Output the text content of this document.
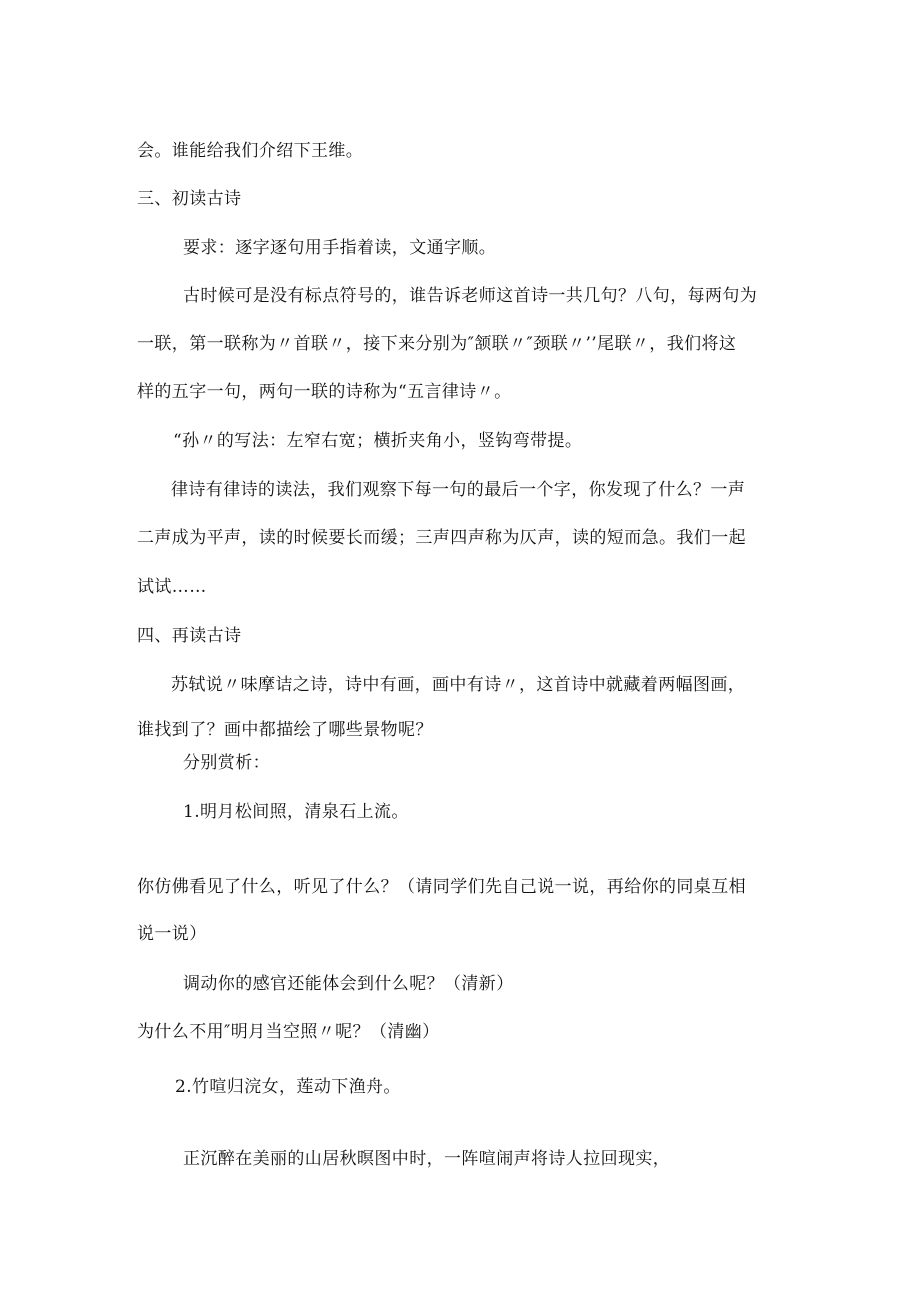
会。谁能给我们介绍下王维。
三、初读古诗
要求：逐字逐句用手指着读，文通字顺。
古时候可是没有标点符号的，谁告诉老师这首诗一共几句？八句，每两句为
一联，第一联称为〃首联〃，接下来分别为″颔联〃″颈联〃’’尾联〃，我们将这
样的五字一句，两句一联的诗称为“五言律诗〃。
“孙〃的写法：左窄右宽；横折夹角小，竖钩弯带提。
律诗有律诗的读法，我们观察下每一句的最后一个字，你发现了什么？一声
二声成为平声，读的时候要长而缓；三声四声称为仄声，读的短而急。我们一起
试试……
四、再读古诗
苏轼说〃味摩诘之诗，诗中有画，画中有诗〃，这首诗中就藏着两幅图画，
谁找到了？画中都描绘了哪些景物呢？
分别赏析：
1.明月松间照，清泉石上流。
你仿佛看见了什么，听见了什么？（请同学们先自己说一说，再给你的同桌互相
说一说）
调动你的感官还能体会到什么呢？（清新）
为什么不用″明月当空照〃呢？（清幽）
2.竹喧归浣女，莲动下渔舟。
正沉醉在美丽的山居秋暝图中时，一阵喧闹声将诗人拉回现实，
